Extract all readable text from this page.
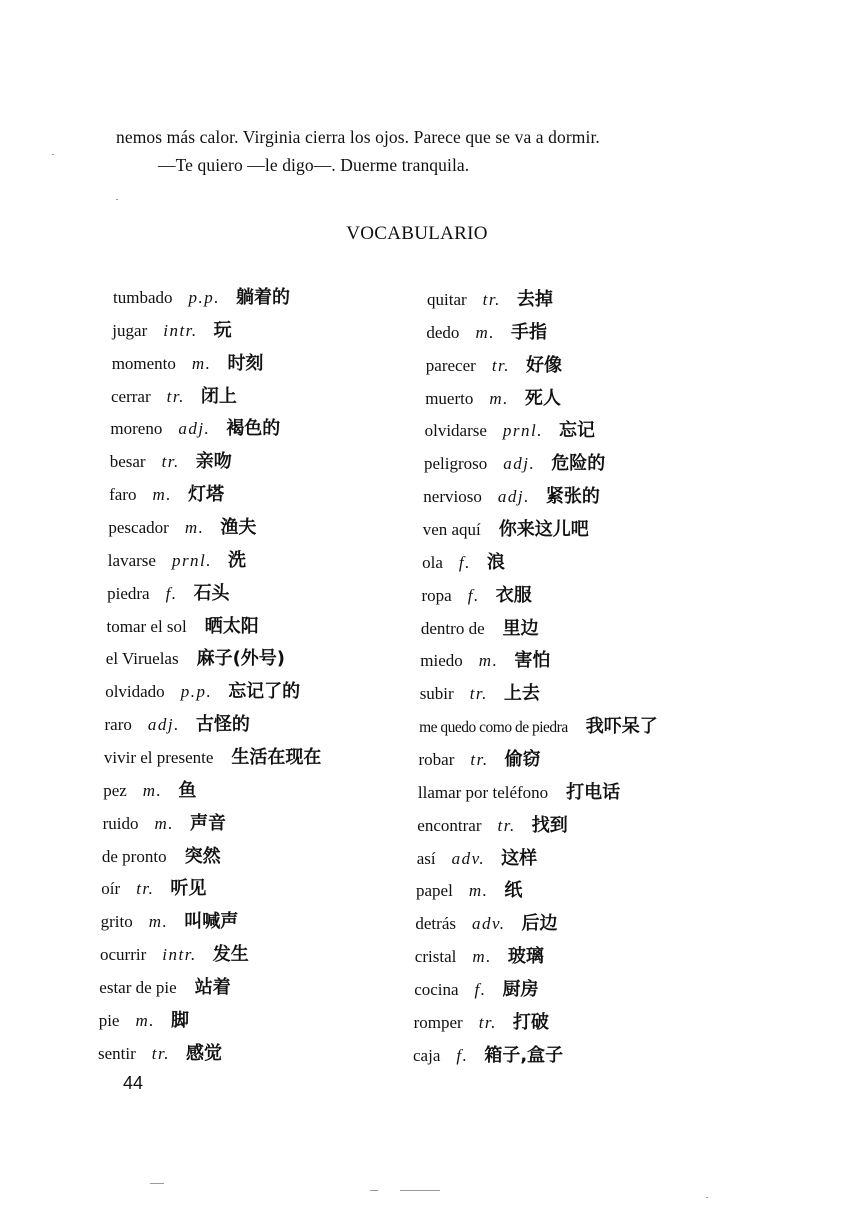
nemos más calor. Virginia cierra los ojos. Parece que se va a dormir.
—Te quiero —le digo—. Duerme tranquila.
VOCABULARIO
tumbado p.p. 躺着的
jugar intr. 玩
momento m. 时刻
cerrar tr. 闭上
moreno adj. 褐色的
besar tr. 亲吻
faro m. 灯塔
pescador m. 渔夫
lavarse prnl. 洗
piedra f. 石头
tomar el sol 晒太阳
el Viruelas 麻子(外号)
olvidado p.p. 忘记了的
raro adj. 古怪的
vivir el presente 生活在现在
pez m. 鱼
ruido m. 声音
de pronto 突然
oír tr. 听见
grito m. 叫喊声
ocurrir intr. 发生
estar de pie 站着
pie m. 脚
sentir tr. 感觉
quitar tr. 去掉
dedo m. 手指
parecer tr. 好像
muerto m. 死人
olvidarse prnl. 忘记
peligroso adj. 危险的
nervioso adj. 紧张的
ven aquí 你来这儿吧
ola f. 浪
ropa f. 衣服
dentro de 里边
miedo m. 害怕
subir tr. 上去
me quedo como de piedra 我吓呆了
robar tr. 偷窃
llamar por teléfono 打电话
encontrar tr. 找到
así adv. 这样
papel m. 纸
detrás adv. 后边
cristal m. 玻璃
cocina f. 厨房
romper tr. 打破
caja f. 箱子,盒子
44
